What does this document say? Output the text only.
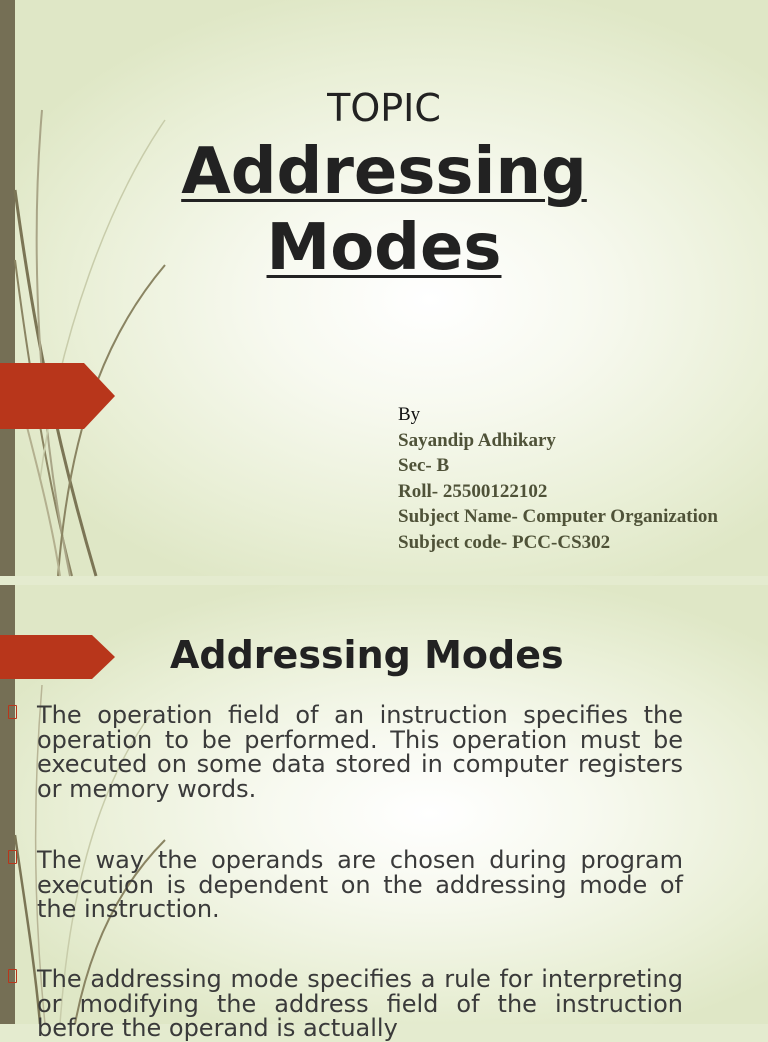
TOPIC
Addressing
Modes
By
Sayandip Adhikary
Sec- B
Roll- 25500122102
Subject Name- Computer Organization
Subject code- PCC-CS302
Addressing Modes

The operation field of an instruction specifies the operation to be performed. This operation must be executed on some data stored in computer registers or memory words.

The way the operands are chosen during program execution is dependent on the addressing mode of the instruction.

The addressing mode specifies a rule for interpreting or modifying the address field of the instruction before the operand is actually
